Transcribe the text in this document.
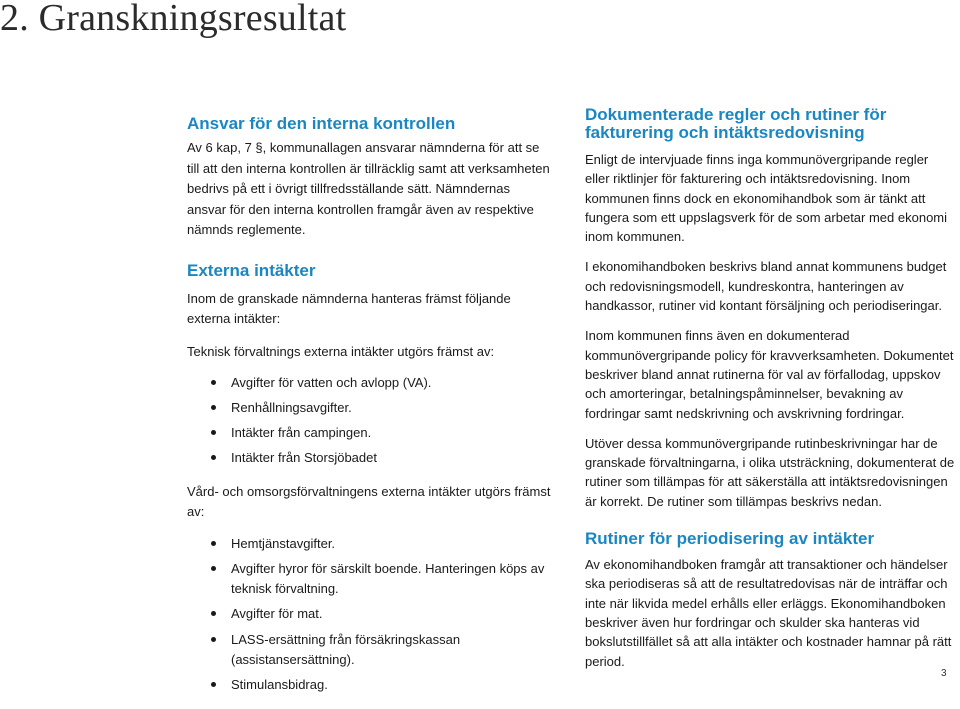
2. Granskningsresultat
Ansvar för den interna kontrollen

Av 6 kap, 7 §, kommunallagen ansvarar nämnderna för att se till att den interna kontrollen är tillräcklig samt att verksamheten bedrivs på ett i övrigt tillfredsställande sätt. Nämndernas ansvar för den interna kontrollen framgår även av respektive nämnds reglemente.

Externa intäkter

Inom de granskade nämnderna hanteras främst följande externa intäkter:

Teknisk förvaltnings externa intäkter utgörs främst av:

Avgifter för vatten och avlopp (VA).
Renhållningsavgifter.
Intäkter från campingen.
Intäkter från Storsjöbadet

Vård- och omsorgsförvaltningens externa intäkter utgörs främst av:

Hemtjänstavgifter.
Avgifter hyror för särskilt boende. Hanteringen köps av teknisk förvaltning.
Avgifter för mat.
LASS-ersättning från försäkringskassan (assistansersättning).
Stimulansbidrag.
Dokumenterade regler och rutiner för fakturering och intäktsredovisning

Enligt de intervjuade finns inga kommunövergripande regler eller riktlinjer för fakturering och intäktsredovisning. Inom kommunen finns dock en ekonomihandbok som är tänkt att fungera som ett uppslagsverk för de som arbetar med ekonomi inom kommunen.

I ekonomihandboken beskrivs bland annat kommunens budget och redovisningsmodell, kundreskontra, hanteringen av handkassor, rutiner vid kontant försäljning och periodiseringar.

Inom kommunen finns även en dokumenterad kommunövergripande policy för kravverksamheten. Dokumentet beskriver bland annat rutinerna för val av förfallodag, uppskov och amorteringar, betalningspåminnelser, bevakning av fordringar samt nedskrivning och avskrivning fordringar.

Utöver dessa kommunövergripande rutinbeskrivningar har de granskade förvaltningarna, i olika utsträckning, dokumenterat de rutiner som tillämpas för att säkerställa att intäktsredovisningen är korrekt. De rutiner som tillämpas beskrivs nedan.

Rutiner för periodisering av intäkter

Av ekonomihandboken framgår att transaktioner och händelser ska periodiseras så att de resultatredovisas när de inträffar och inte när likvida medel erhålls eller erläggs. Ekonomihandboken beskriver även hur fordringar och skulder ska hanteras vid bokslutstillfället så att alla intäkter och kostnader hamnar på rätt period.

3
